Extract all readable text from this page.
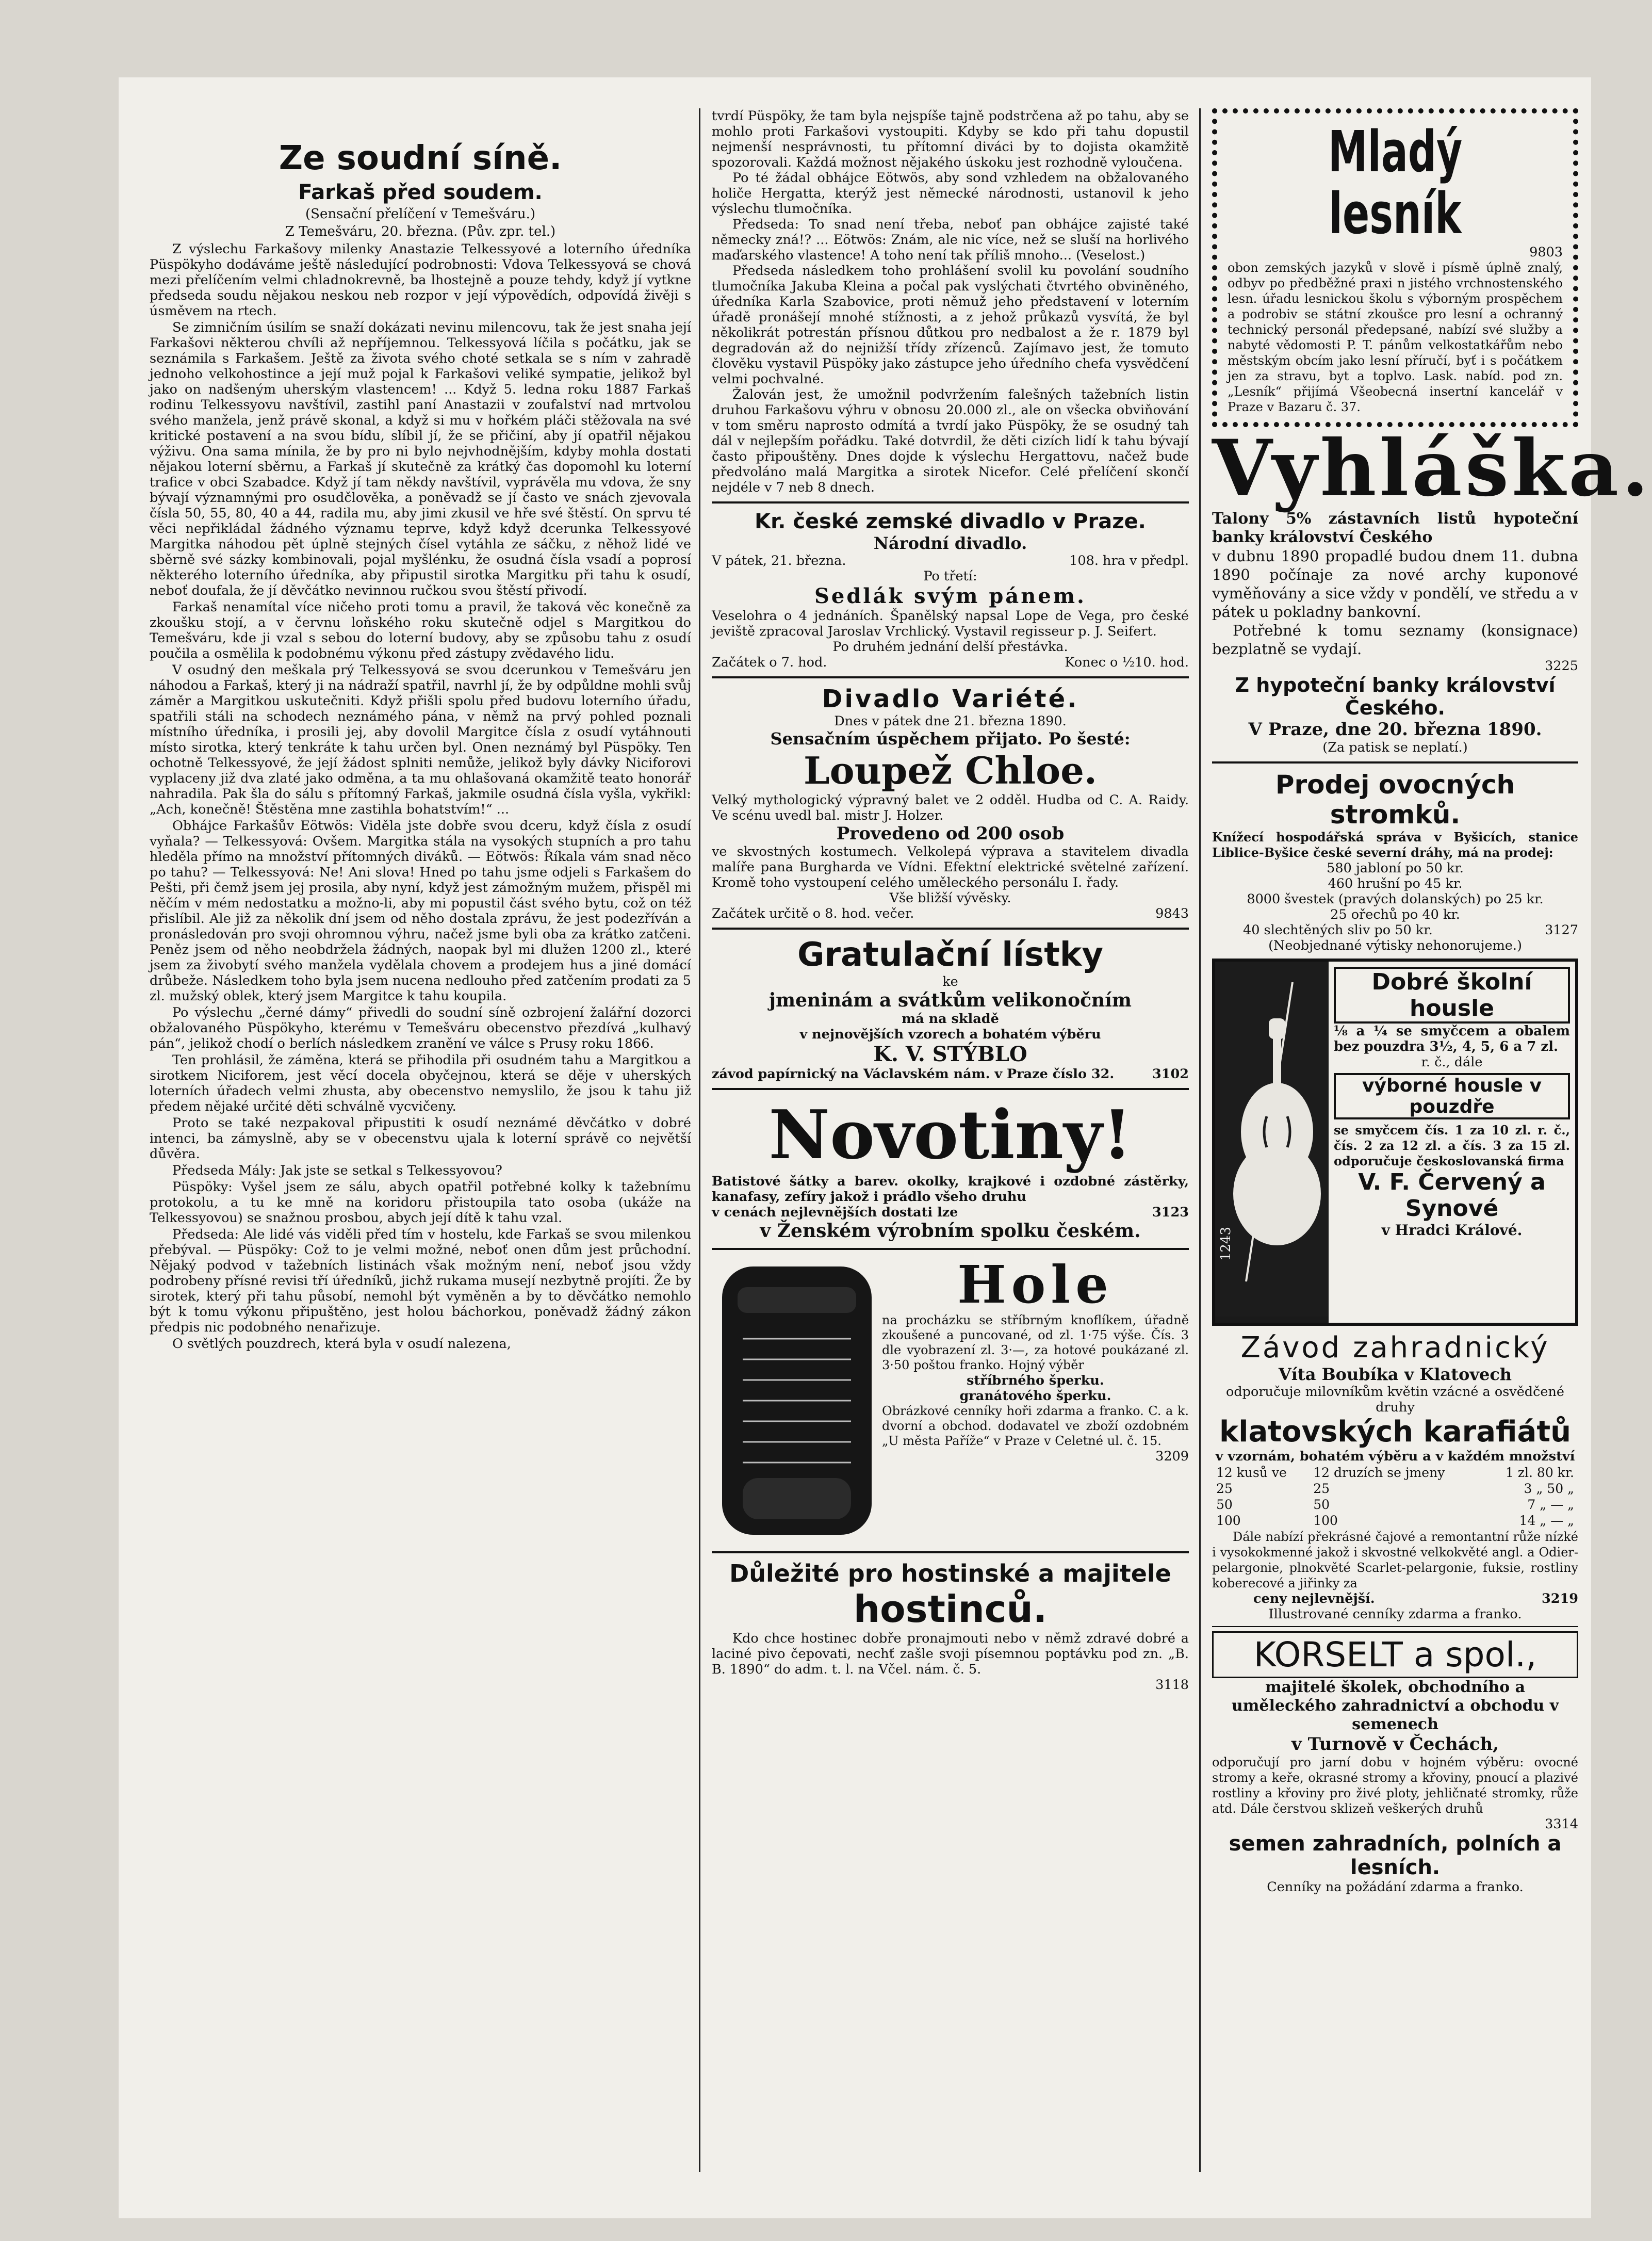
Ze soudní síně.
Farkaš před soudem.
(Sensační přelíčení v Temešváru.)
Z Temešváru, 20. března. (Pův. zpr. tel.)

Z výslechu Farkašovy milenky Anastazie Telkessyové a loterního úředníka Püspökyho dodáváme ještě následující podrobnosti: Vdova Telkessyová se chová mezi přelíčením velmi chladnokrevně, ba lhostejně a pouze tehdy, když jí vytkne předseda soudu nějakou neskou neb rozpor v její výpovědích, odpovídá živěji s úsměvem na rtech.

Se zimničním úsilím se snaží dokázati nevinu milencovu, tak že jest snaha její Farkašovi některou chvíli až nepříjemnou. Telkessyová líčila s počátku, jak se seznámila s Farkašem. Ještě za života svého choté setkala se s ním v zahradě jednoho velkohostince a její muž pojal k Farkašovi veliké sympatie, jelikož byl jako on nadšeným uherským vlastencem! ... Když 5. ledna roku 1887 Farkaš rodinu Telkessyovu navštívil, zastihl paní Anastazii v zoufalství nad mrtvolou svého manžela, jenž právě skonal, a když si mu v hořkém pláči stěžovala na své kritické postavení a na svou bídu, slíbil jí, že se přičiní, aby jí opatřil nějakou výživu. Ona sama mínila, že by pro ni bylo nejvhodnějším, kdyby mohla dostati nějakou loterní sběrnu, a Farkaš jí skutečně za krátký čas dopomohl ku loterní trafice v obci Szabadce. Když jí tam někdy navštívil, vyprávěla mu vdova, že sny bývají významnými pro osudčlověka, a poněvadž se jí často ve snách zjevovala čísla 50, 55, 80, 40 a 44, radila mu, aby jimi zkusil ve hře své štěstí. On sprvu té věci nepřikládal žádného významu teprve, když když dcerunka Telkessyové Margitka náhodou pět úplně stejných čísel vytáhla ze sáčku, z něhož lidé ve sběrně své sázky kombinovali, pojal myšlénku, že osudná čísla vsadí a poprosí některého loterního úředníka, aby připustil sirotka Margitku při tahu k osudí, neboť doufala, že jí děvčátko nevinnou ručkou svou štěstí přivodí.

Farkaš nenamítal více ničeho proti tomu a pravil, že taková věc konečně za zkoušku stojí, a v červnu loňského roku skutečně odjel s Margitkou do Temešváru, kde ji vzal s sebou do loterní budovy, aby se způsobu tahu z osudí poučila a osmělila k podobnému výkonu před zástupy zvědavého lidu.

V osudný den meškala prý Telkessyová se svou dcerunkou v Temešváru jen náhodou a Farkaš, který ji na nádraží spatřil, navrhl jí, že by odpůldne mohli svůj záměr a Margitkou uskutečniti. Když přišli spolu před budovu loterního úřadu, spatřili stáli na schodech neznámého pána, v němž na prvý pohled poznali místního úředníka, i prosili jej, aby dovolil Margitce čísla z osudí vytáhnouti místo sirotka, který tenkráte k tahu určen byl. Onen neznámý byl Püspöky. Ten ochotně Telkessyové, že její žádost splniti nemůže, jelikož byly dávky Niciforovi vyplaceny již dva zlaté jako odměna, a ta mu ohlašovaná okamžitě teato honorář nahradila. Pak šla do sálu s přítomný Farkaš, jakmile osudná čísla vyšla, vykřikl: „Ach, konečně! Štěstěna mne zastihla bohatstvím!“ ...

Obhájce Farkašův Eötwös: Viděla jste dobře svou dceru, když čísla z osudí vyňala? — Telkessyová: Ovšem. Margitka stála na vysokých stupních a pro tahu hleděla přímo na množství přítomných diváků. — Eötwös: Říkala vám snad něco po tahu? — Telkessyová: Ne! Ani slova! Hned po tahu jsme odjeli s Farkašem do Pešti, při čemž jsem jej prosila, aby nyní, když jest zámožným mužem, přispěl mi něčím v mém nedostatku a možno-li, aby mi popustil část svého bytu, což on též přislíbil. Ale již za několik dní jsem od něho dostala zprávu, že jest podezříván a pronásledován pro svoji ohromnou výhru, načež jsme byli oba za krátko zatčeni. Peněz jsem od něho neobdržela žádných, naopak byl mi dlužen 1200 zl., které jsem za živobytí svého manžela vydělala chovem a prodejem hus a jiné domácí drůbeže. Následkem toho byla jsem nucena nedlouho před zatčením prodati za 5 zl. mužský oblek, který jsem Margitce k tahu koupila.

Po výslechu „černé dámy“ přivedli do soudní síně ozbrojení žalářní dozorci obžalovaného Püspökyho, kterému v Temešváru obecenstvo přezdívá „kulhavý pán“, jelikož chodí o berlích následkem zranění ve válce s Prusy roku 1866.

Ten prohlásil, že záměna, která se přihodila při osudném tahu a Margitkou a sirotkem Niciforem, jest věcí docela obyčejnou, která se děje v uherských loterních úřadech velmi zhusta, aby obecenstvo nemyslilo, že jsou k tahu již předem nějaké určité děti schválně vycvičeny.

Proto se také nezpakoval připustiti k osudí neznámé děvčátko v dobré intenci, ba zámyslně, aby se v obecenstvu ujala k loterní správě co největší důvěra.

Předseda Mály: Jak jste se setkal s Telkessyovou?

Püspöky: Vyšel jsem ze sálu, abych opatřil potřebné kolky k tažebnímu protokolu, a tu ke mně na koridoru přistoupila tato osoba (ukáže na Telkessyovou) se snažnou prosbou, abych její dítě k tahu vzal.

Předseda: Ale lidé vás viděli před tím v hostelu, kde Farkaš se svou milenkou přebýval. — Püspöky: Což to je velmi možné, neboť onen dům jest průchodní. Nějaký podvod v tažebních listinách však možným není, neboť jsou vždy podrobeny přísné revisi tří úředníků, jichž rukama musejí nezbytně projíti. Že by sirotek, který při tahu působí, nemohl být vyměněn a by to děvčátko nemohlo být k tomu výkonu připuštěno, jest holou báchorkou, poněvadž žádný zákon předpis nic podobného nenařizuje.

O světlých pouzdrech, která byla v osudí nalezena,

tvrdí Püspöky, že tam byla nejspíše tajně podstrčena až po tahu, aby se mohlo proti Farkašovi vystoupiti. Kdyby se kdo při tahu dopustil nejmenší nesprávnosti, tu přítomní diváci by to dojista okamžitě spozorovali. Každá možnost nějakého úskoku jest rozhodně vyloučena.

Po té žádal obhájce Eötwös, aby sond vzhledem na obžalovaného holiče Hergatta, kterýž jest německé národnosti, ustanovil k jeho výslechu tlumočníka.

Předseda: To snad není třeba, neboť pan obhájce zajisté také německy zná!? ... Eötwös: Znám, ale nic více, než se sluší na horlivého maďarského vlastence! A toho není tak příliš mnoho... (Veselost.)

Předseda následkem toho prohlášení svolil ku povolání soudního tlumočníka Jakuba Kleina a počal pak vyslýchati čtvrtého obviněného, úředníka Karla Szabovice, proti němuž jeho představení v loterním úřadě pronášejí mnohé stížnosti, a z jehož průkazů vysvítá, že byl několikrát potrestán přísnou důtkou pro nedbalost a že r. 1879 byl degradován až do nejnižší třídy zřízenců. Zajímavo jest, že tomuto člověku vystavil Püspöky jako zástupce jeho úředního chefa vysvědčení velmi pochvalné.

Žalován jest, že umožnil podvržením falešných tažebních listin druhou Farkašovu výhru v obnosu 20.000 zl., ale on všecka obviňování v tom směru naprosto odmítá a tvrdí jako Püspöky, že se osudný tah dál v nejlepším pořádku. Také dotvrdil, že děti cizích lidí k tahu bývají často připouštěny. Dnes dojde k výslechu Hergattovu, načež bude předvoláno malá Margitka a sirotek Nicefor. Celé přelíčení skončí nejdéle v 7 neb 8 dnech.

Kr. české zemské divadlo v Praze.
Národní divadlo.
V pátek, 21. března.	108. hra v předpl.
Po třetí:
Sedlák svým pánem.

Veselohra o 4 jednáních. Španělský napsal Lope de Vega, pro české jeviště zpracoval Jaroslav Vrchlický. Vystavil regisseur p. J. Seifert.

Po druhém jednání delší přestávka.
Začátek o 7. hod.	Konec o ½10. hod.
Divadlo Variété.
Dnes v pátek dne 21. března 1890.
Sensačním úspěchem přijato. Po šesté:
Loupež Chloe.

Velký mythologický výpravný balet ve 2 odděl. Hudba od C. A. Raidy. Ve scénu uvedl bal. mistr J. Holzer.

Provedeno od 200 osob

ve skvostných kostumech. Velkolepá výprava a stavitelem divadla malíře pana Burgharda ve Vídni. Efektní elektrické světelné zařízení. Kromě toho vystoupení celého uměleckého personálu I. řady.

Vše bližší vývěsky.
Začátek určitě o 8. hod. večer.	9843
Gratulační lístky
ke
jmeninám a svátkům velikonočním
má na skladě
v nejnovějších vzorech a bohatém výběru
K. V. STÝBLO
závod papírnický na Václavském nám. v Praze číslo 32.	3102
Novotiny!

Batistové šátky a barev. okolky, krajkové i ozdobné zástěrky, kanafasy, zefíry jakož i prádlo všeho druhu

v cenách nejlevnějších dostati lze	3123
v Ženském výrobním spolku českém.
Hole

na procházku se stříbrným knoflíkem, úřadně zkoušené a puncované, od zl. 1·75 výše. Čís. 3 dle vyobrazení zl. 3·—, za hotové poukázané zl. 3·50 poštou franko. Hojný výběr

stříbrného šperku.
granátového šperku.

Obrázkové cenníky hoři zdarma a franko. C. a k. dvorní a obchod. dodavatel ve zboží ozdobném „U města Paříže“ v Praze v Celetné ul. č. 15.

3209
Důležité pro hostinské a majitele
hostinců.

Kdo chce hostinec dobře pronajmouti nebo v němž zdravé dobré a laciné pivo čepovati, nechť zašle svoji písemnou poptávku pod zn. „B. B. 1890“ do adm. t. l. na Včel. nám. č. 5.

3118
Mladý lesník
9803

obon zemských jazyků v slově i písmě úplně znalý, odbyv po předběžné praxi n jistého vrchnostenského lesn. úřadu lesnickou školu s výborným prospěchem a podrobiv se státní zkoušce pro lesní a ochranný technický personál předepsané, nabízí své služby a nabyté vědomosti P. T. pánům velkostatkářům nebo městským obcím jako lesní příručí, byť i s počátkem jen za stravu, byt a toplvo. Lask. nabíd. pod zn. „Lesník“ přijímá Všeobecná insertní kancelář v Praze v Bazaru č. 37.

Vyhláška.

Talony 5% zástavních listů hypoteční banky království Českého

v dubnu 1890 propadlé budou dnem 11. dubna 1890 počínaje za nové archy kuponové vyměňovány a sice vždy v pondělí, ve středu a v pátek u pokladny bankovní.

Potřebné k tomu seznamy (konsignace) bezplatně se vydají.

3225
Z hypoteční banky království Českého.
V Praze, dne 20. března 1890.
(Za patisk se neplatí.)
Prodej ovocných stromků.

Knížecí hospodářská správa v Byšicích, stanice Liblice-Byšice české severní dráhy, má na prodej:

580 jabloní po 50 kr.
460 hrušní po 45 kr.
8000 švestek (pravých dolanských) po 25 kr.
25 ořechů po 40 kr.
40 slechtěných sliv po 50 kr.	3127
(Neobjednané výtisky nehonorujeme.)
1243
Dobré školní housle

⅛ a ¼ se smyčcem a obalem bez pouzdra 3½, 4, 5, 6 a 7 zl.

r. č., dále
výborné housle v pouzdře

se smyčcem čís. 1 za 10 zl. r. č., čís. 2 za 12 zl. a čís. 3 za 15 zl. odporučuje českoslovanská firma

V. F. Červený a Synové
v Hradci Králové.
Závod zahradnický
Víta Boubíka v Klatovech
odporučuje milovníkům květin vzácné a osvědčené druhy
klatovských karafiátů
v vzornám, bohatém výběru a v každém množství
12 kusů ve	12 druzích se jmeny	1 zl. 80 kr.
25	25	3 „ 50 „
50	50	7 „ — „
100	100	14 „ — „

Dále nabízí překrásné čajové a remontantní růže nízké i vysokokmenné jakož i skvostné velkokvěté angl. a Odier-pelargonie, plnokvěté Scarlet-pelargonie, fuksie, rostliny koberecové a jiřinky za

ceny nejlevnější.	3219
Illustrované cenníky zdarma a franko.
KORSELT a spol.,
majitelé školek, obchodního a uměleckého zahradnictví a obchodu v semenech
v Turnově v Čechách,

odporučují pro jarní dobu v hojném výběru: ovocné stromy a keře, okrasné stromy a křoviny, pnoucí a plazivé rostliny a křoviny pro živé ploty, jehličnaté stromky, růže atd. Dále čerstvou sklizeň veškerých druhů

3314
semen zahradních, polních a lesních.
Cenníky na požádání zdarma a franko.
